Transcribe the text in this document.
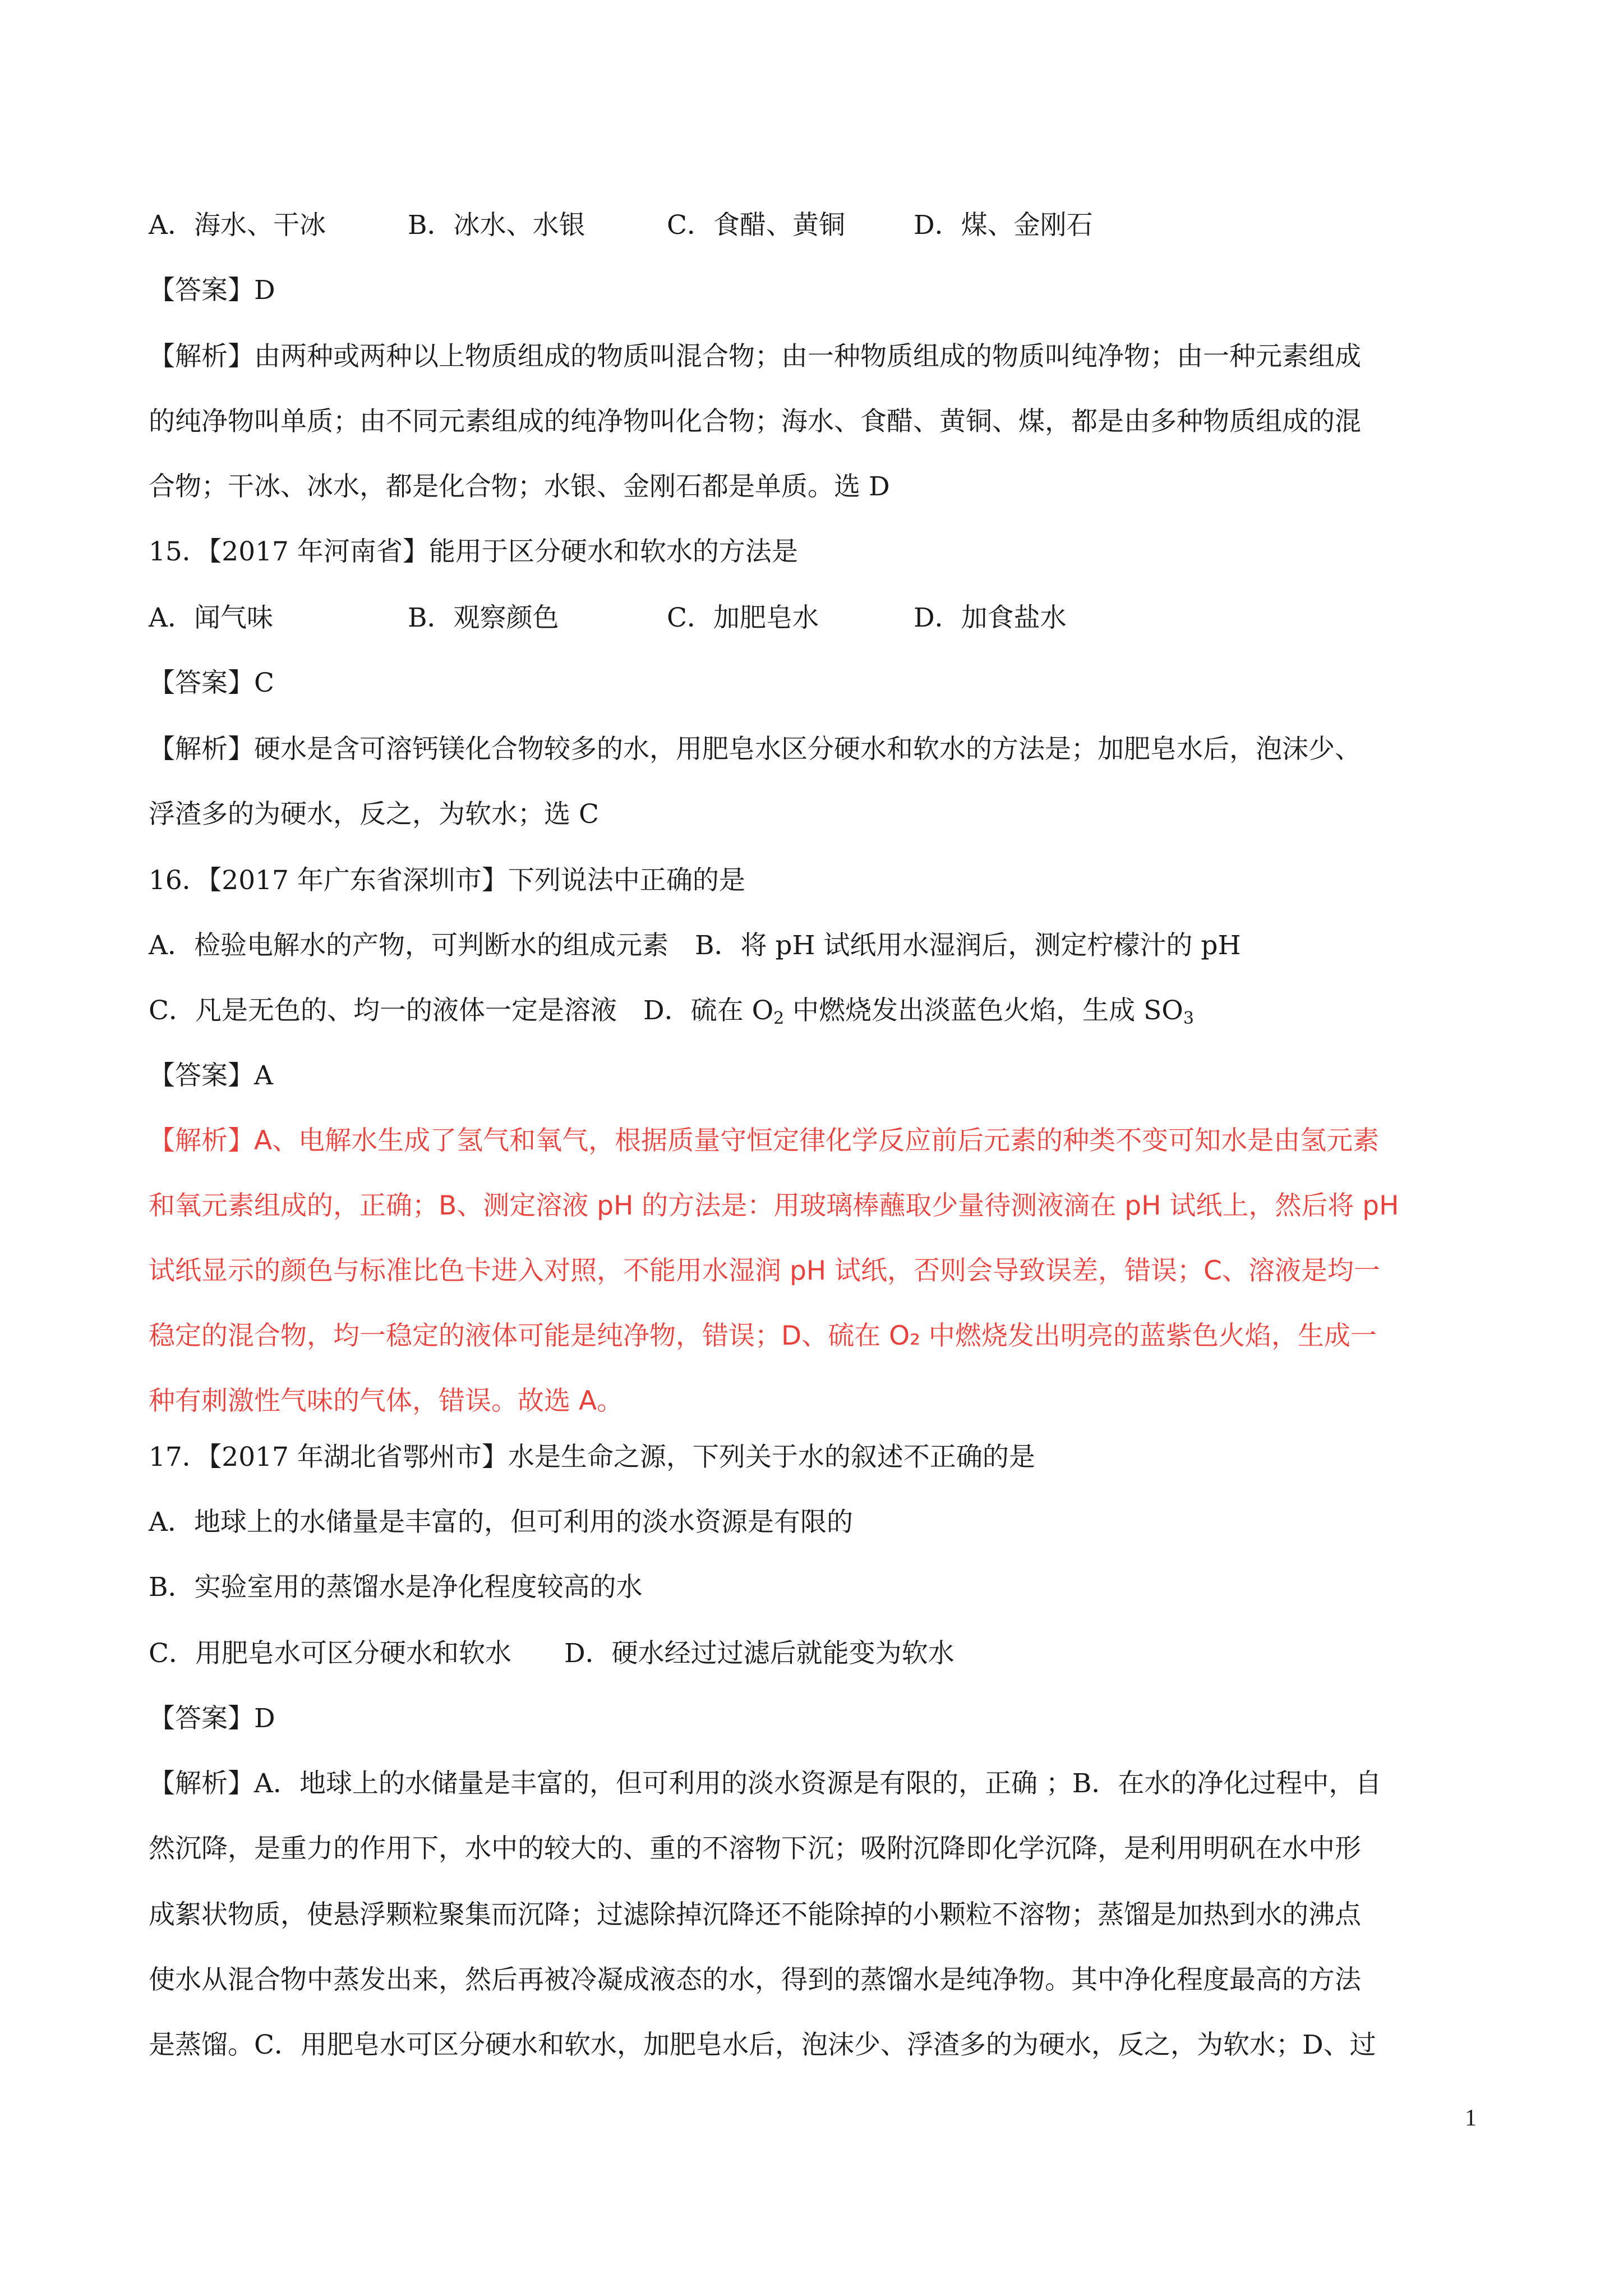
A．海水、干冰	B．冰水、水银	C．食醋、黄铜	D．煤、金刚石
【答案】D
【解析】由两种或两种以上物质组成的物质叫混合物；由一种物质组成的物质叫纯净物；由一种元素组成
的纯净物叫单质；由不同元素组成的纯净物叫化合物；海水、食醋、黄铜、煤，都是由多种物质组成的混
合物；干冰、冰水，都是化合物；水银、金刚石都是单质。选 D
15．【2017 年河南省】能用于区分硬水和软水的方法是
A．闻气味	B．观察颜色	C．加肥皂水	D．加食盐水
【答案】C
【解析】硬水是含可溶钙镁化合物较多的水，用肥皂水区分硬水和软水的方法是；加肥皂水后，泡沫少、
浮渣多的为硬水，反之，为软水；选 C
16．【2017 年广东省深圳市】下列说法中正确的是
A．检验电解水的产物，可判断水的组成元素　B．将 pH 试纸用水湿润后，测定柠檬汁的 pH
C．凡是无色的、均一的液体一定是溶液　D．硫在 $O_2$ 中燃烧发出淡蓝色火焰，生成 $SO_3$
【答案】A
【解析】A、电解水生成了氢气和氧气，根据质量守恒定律化学反应前后元素的种类不变可知水是由氢元素
和氧元素组成的，正确；B、测定溶液 pH 的方法是：用玻璃棒蘸取少量待测液滴在 pH 试纸上，然后将 pH
试纸显示的颜色与标准比色卡进入对照，不能用水湿润 pH 试纸，否则会导致误差，错误；C、溶液是均一
稳定的混合物，均一稳定的液体可能是纯净物，错误；D、硫在 O₂ 中燃烧发出明亮的蓝紫色火焰，生成一
种有刺激性气味的气体，错误。故选 A。
17．【2017 年湖北省鄂州市】水是生命之源，下列关于水的叙述不正确的是
A．地球上的水储量是丰富的，但可利用的淡水资源是有限的
B．实验室用的蒸馏水是净化程度较高的水
C．用肥皂水可区分硬水和软水　　D．硬水经过过滤后就能变为软水
【答案】D
【解析】A．地球上的水储量是丰富的，但可利用的淡水资源是有限的，正确 ；B．在水的净化过程中，自
然沉降，是重力的作用下，水中的较大的、重的不溶物下沉；吸附沉降即化学沉降，是利用明矾在水中形
成絮状物质，使悬浮颗粒聚集而沉降；过滤除掉沉降还不能除掉的小颗粒不溶物；蒸馏是加热到水的沸点
使水从混合物中蒸发出来，然后再被冷凝成液态的水，得到的蒸馏水是纯净物。其中净化程度最高的方法
是蒸馏。C．用肥皂水可区分硬水和软水，加肥皂水后，泡沫少、浮渣多的为硬水，反之，为软水；D、过
1
